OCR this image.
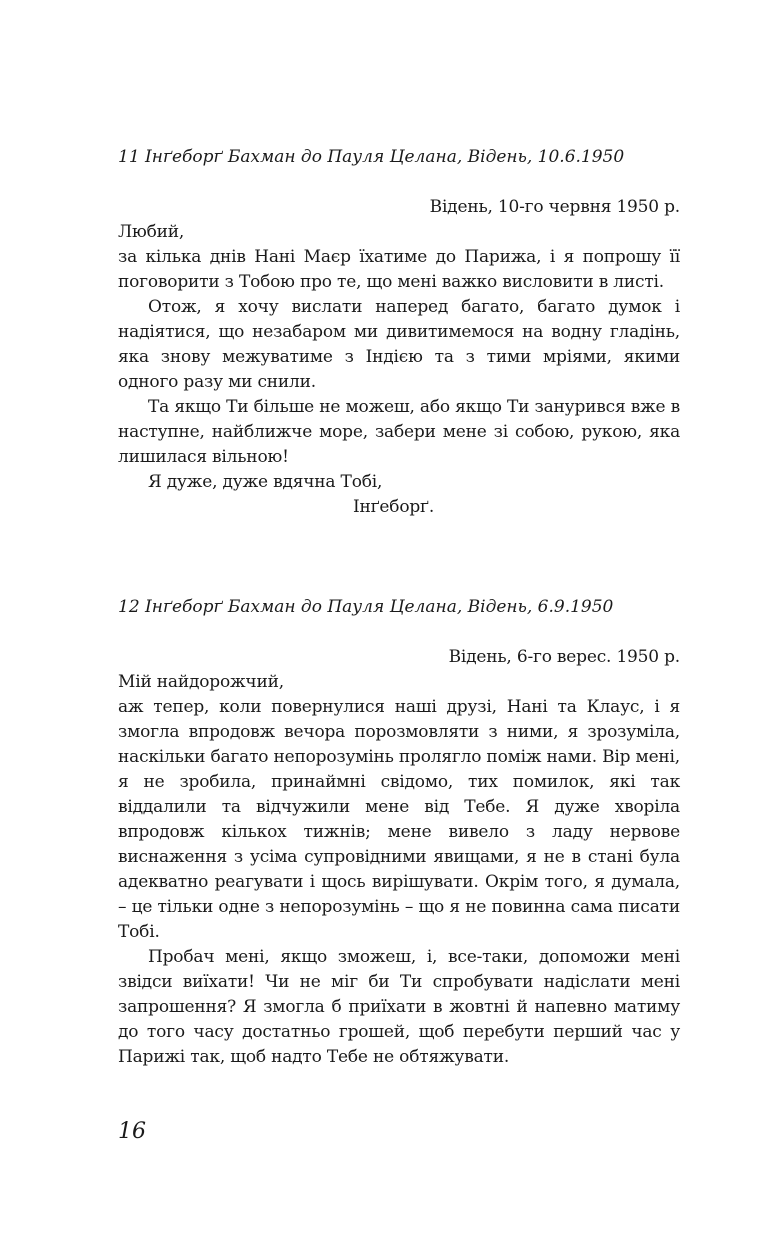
11 Інґеборґ Бахман до Пауля Целана, Відень, 10.6.1950
Відень, 10-го червня 1950 р.
Любий,
за кілька днів Нані Маєр їхатиме до Парижа, і я попрошу її поговорити з Тобою про те, що мені важко висловити в листі.
Отож, я хочу вислати наперед багато, багато думок і надіятися, що незабаром ми дивитимемося на водну гладінь, яка знову межуватиме з Індією та з тими мріями, якими одного разу ми снили.
Та якщо Ти більше не можеш, або якщо Ти занурився вже в наступне, найближче море, забери мене зі собою, рукою, яка лишилася вільною!
Я дуже, дуже вдячна Тобі,
Інґеборґ.
12 Інґеборґ Бахман до Пауля Целана, Відень, 6.9.1950
Відень, 6-го верес. 1950 р.
Мій найдорожчий,
аж тепер, коли повернулися наші друзі, Нані та Клаус, і я змогла впродовж вечора порозмовляти з ними, я зрозуміла, наскільки багато непорозумінь пролягло поміж нами. Вір мені, я не зробила, принаймні свідомо, тих помилок, які так віддалили та відчужили мене від Тебе. Я дуже хворіла впродовж кількох тижнів; мене вивело з ладу нервове виснаження з усіма супровідними явищами, я не в стані була адекватно реагувати і щось вирішувати. Окрім того, я думала, – це тільки одне з непорозумінь – що я не повинна сама писати Тобі.
Пробач мені, якщо зможеш, і, все-таки, допоможи мені звідси виїхати! Чи не міг би Ти спробувати надіслати мені запрошення? Я змогла б приїхати в жовтні й напевно матиму до того часу достатньо грошей, щоб перебути перший час у Парижі так, щоб надто Тебе не обтяжувати.
16
